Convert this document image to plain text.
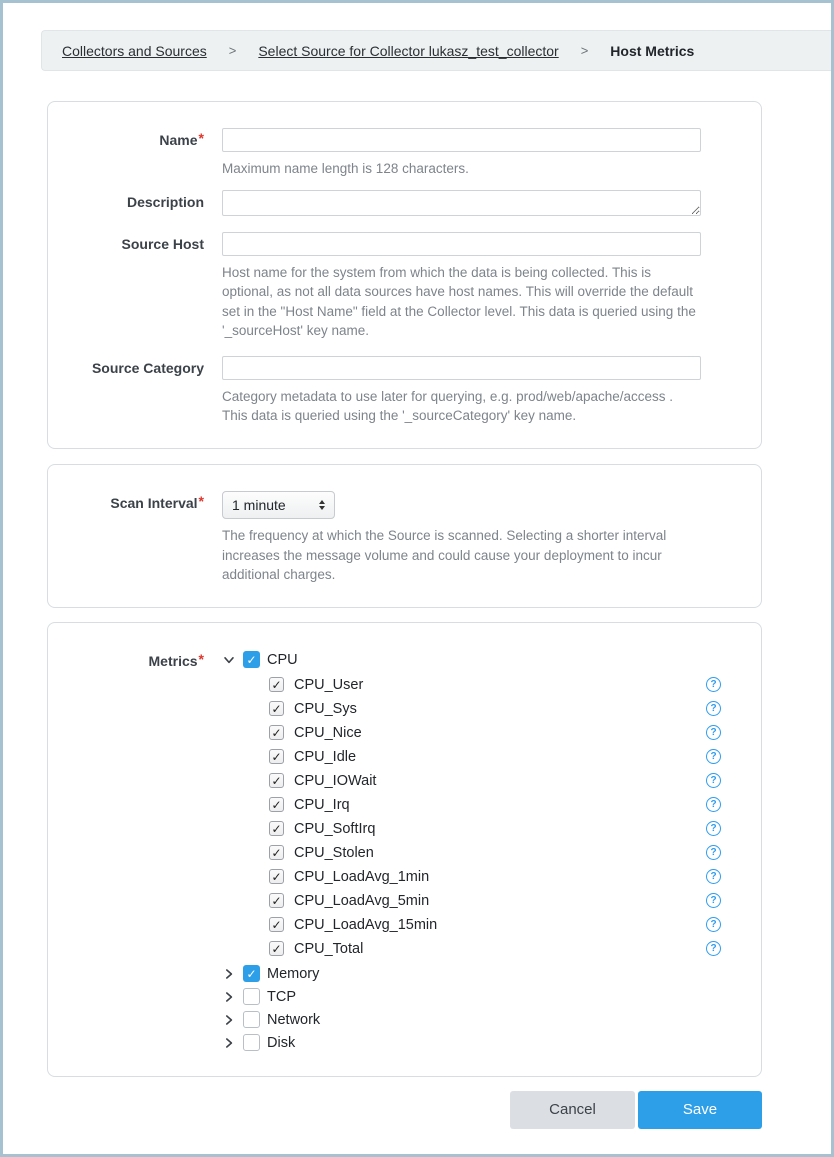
Collectors and Sources > Select Source for Collector lukasz_test_collector > Host Metrics
Name*
Maximum name length is 128 characters.
Description
Source Host
Host name for the system from which the data is being collected. This is optional, as not all data sources have host names. This will override the default set in the "Host Name" field at the Collector level. This data is queried using the '_sourceHost' key name.
Source Category
Category metadata to use later for querying, e.g. prod/web/apache/access . This data is queried using the '_sourceCategory' key name.
Scan Interval* 1 minute
The frequency at which the Source is scanned. Selecting a shorter interval increases the message volume and could cause your deployment to incur additional charges.
Metrics*	✓ CPU
✓ CPU_User	?
✓ CPU_Sys	?
✓ CPU_Nice	?
✓ CPU_Idle	?
✓ CPU_IOWait	?
✓ CPU_Irq	?
✓ CPU_SoftIrq	?
✓ CPU_Stolen	?
✓ CPU_LoadAvg_1min	?
✓ CPU_LoadAvg_5min	?
✓ CPU_LoadAvg_15min	?
✓ CPU_Total	?
✓ Memory
TCP
Network
Disk
Cancel	Save
